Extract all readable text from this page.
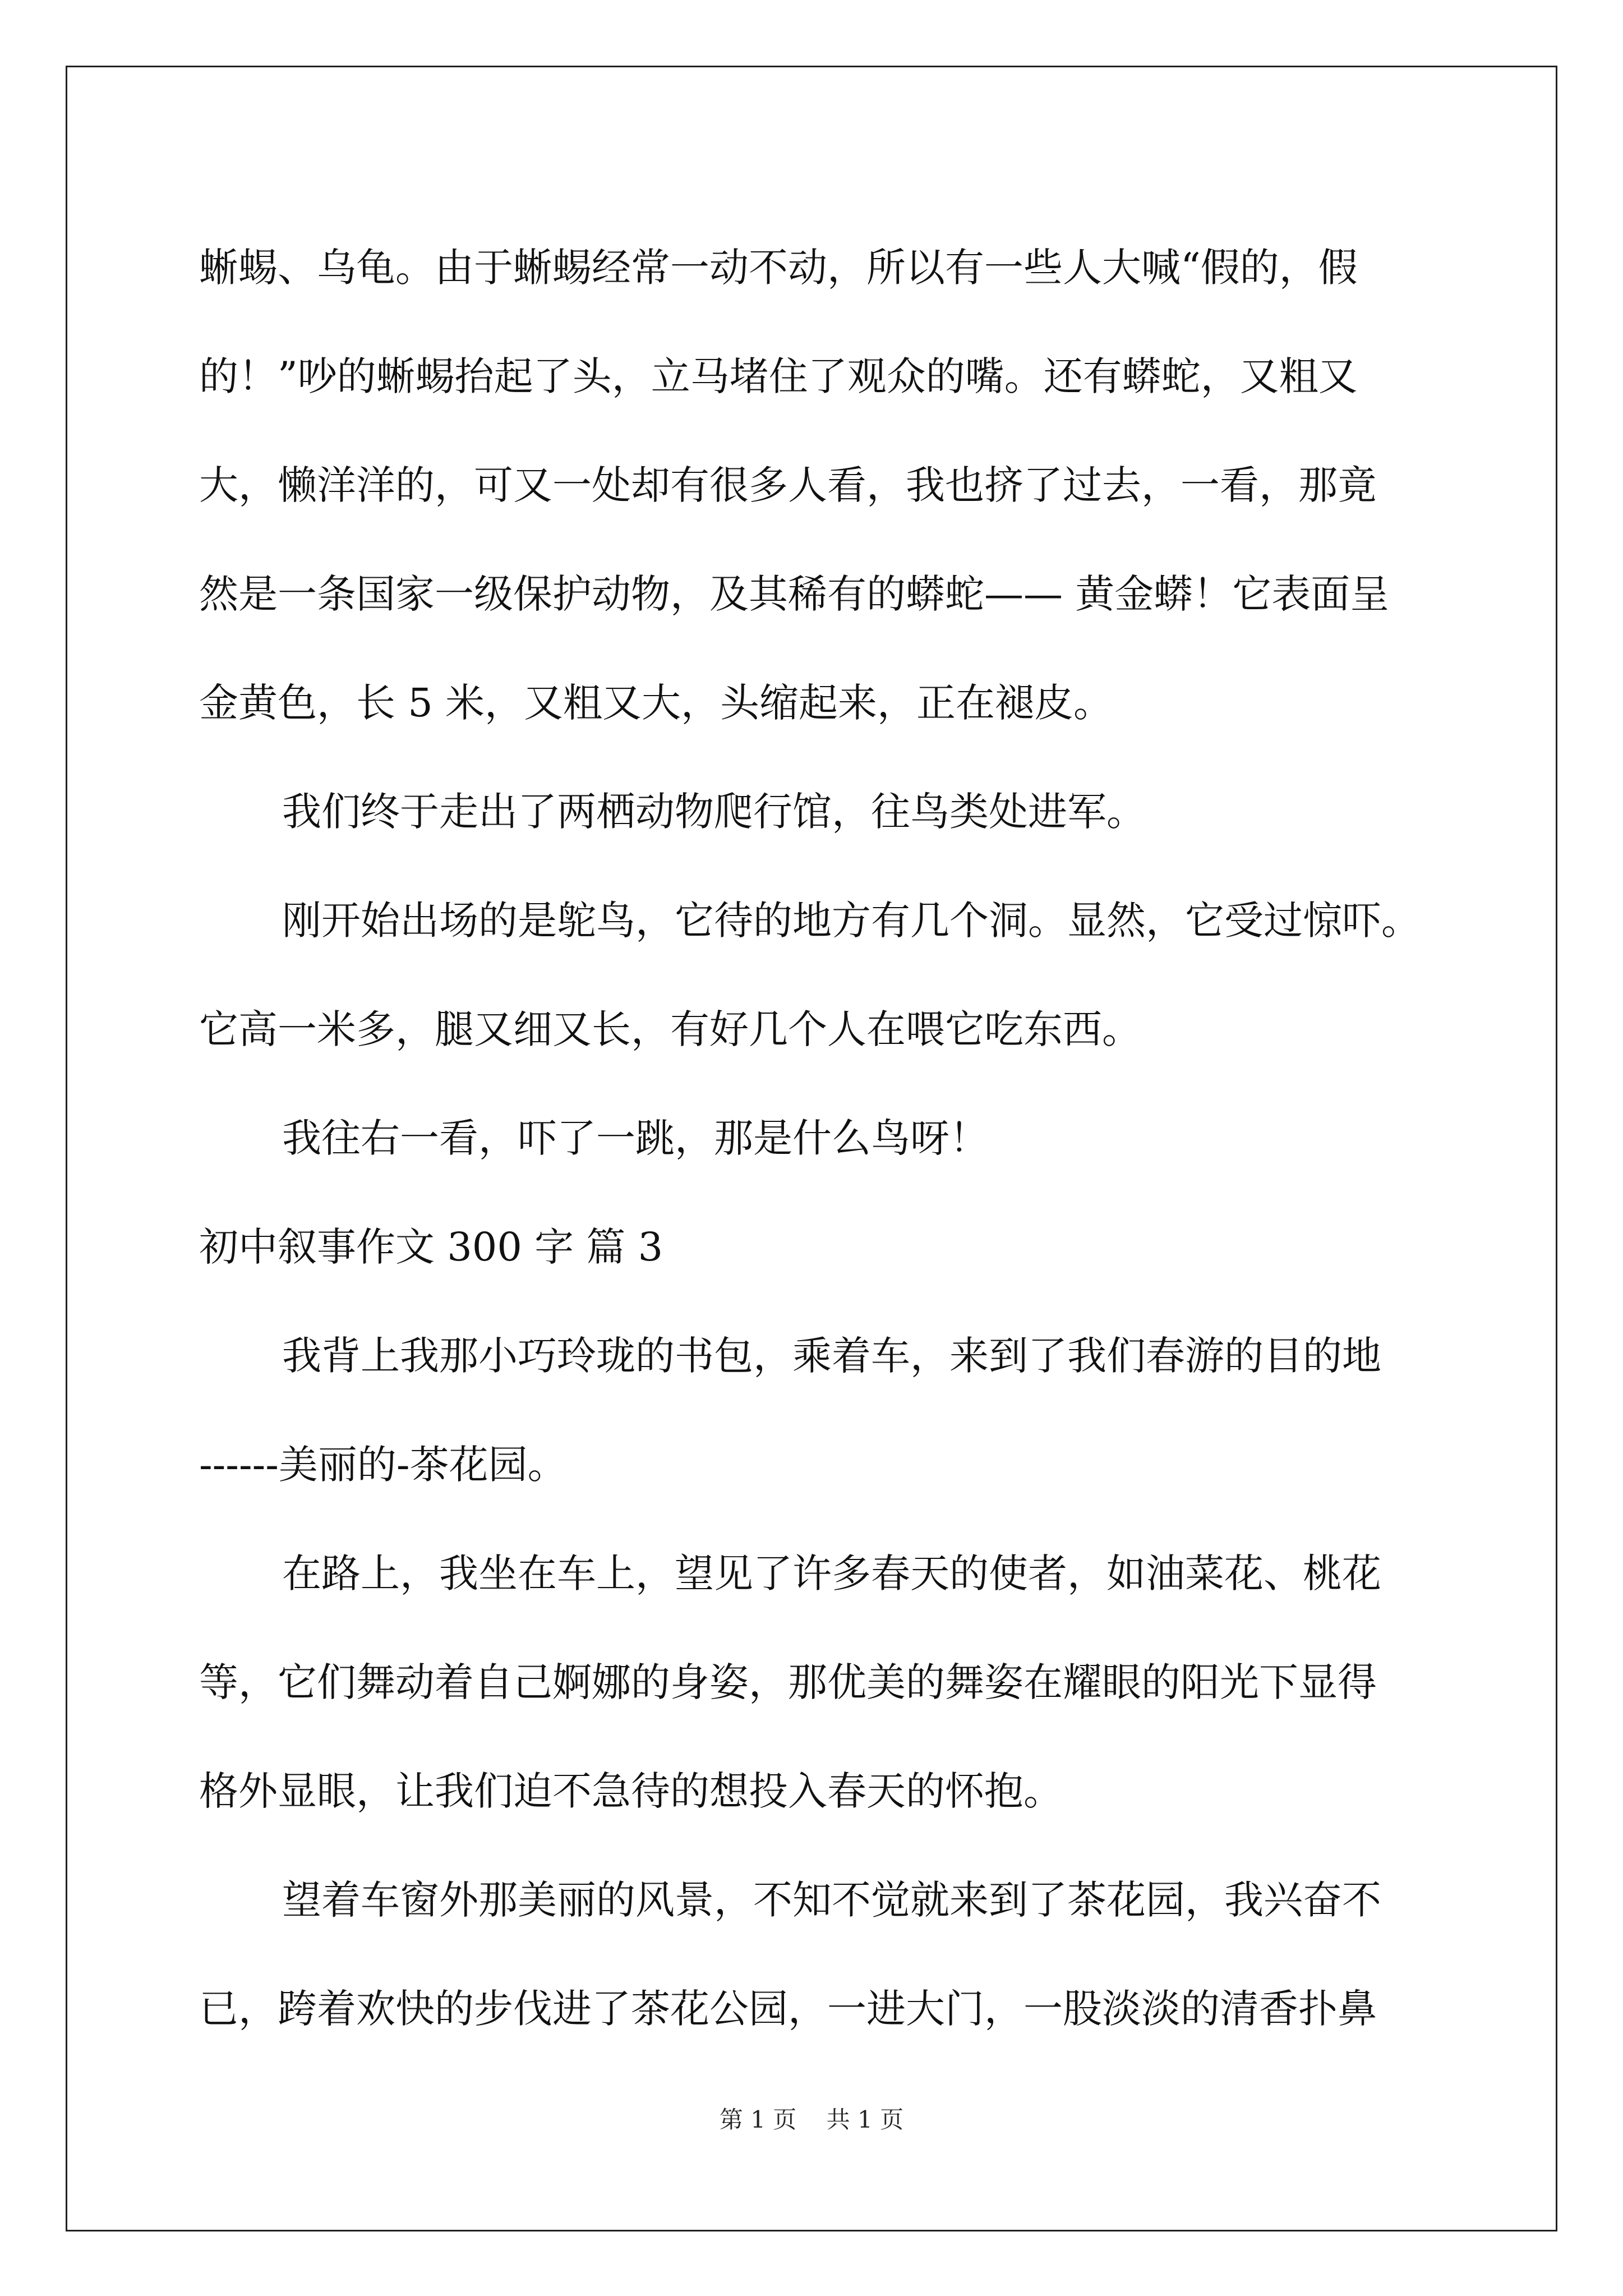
蜥蜴、乌龟。由于蜥蜴经常一动不动，所以有一些人大喊“假的，假
的！”吵的蜥蜴抬起了头，立马堵住了观众的嘴。还有蟒蛇，又粗又
大，懒洋洋的，可又一处却有很多人看，我也挤了过去，一看，那竟
然是一条国家一级保护动物，及其稀有的蟒蛇—— 黄金蟒！它表面呈
金黄色，长 5 米，又粗又大，头缩起来，正在褪皮。
我们终于走出了两栖动物爬行馆，往鸟类处进军。
刚开始出场的是鸵鸟，它待的地方有几个洞。显然，它受过惊吓。
它高一米多，腿又细又长，有好几个人在喂它吃东西。
我往右一看，吓了一跳，那是什么鸟呀！
初中叙事作文 300 字 篇 3
我背上我那小巧玲珑的书包，乘着车，来到了我们春游的目的地
------美丽的-茶花园。
在路上，我坐在车上，望见了许多春天的使者，如油菜花、桃花
等，它们舞动着自己婀娜的身姿，那优美的舞姿在耀眼的阳光下显得
格外显眼，让我们迫不急待的想投入春天的怀抱。
望着车窗外那美丽的风景，不知不觉就来到了茶花园，我兴奋不
已，跨着欢快的步伐进了茶花公园，一进大门，一股淡淡的清香扑鼻
第 1 页    共 1 页
